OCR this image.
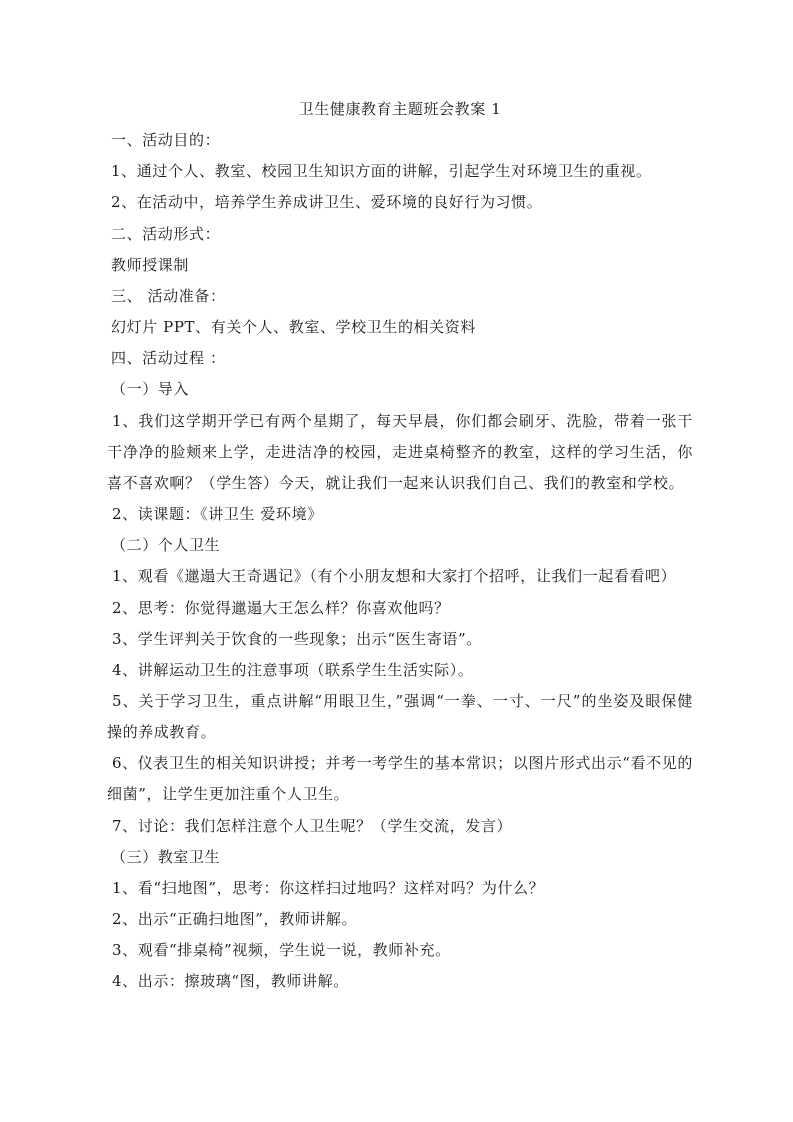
卫生健康教育主题班会教案 1

一、活动目的：

1、通过个人、教室、校园卫生知识方面的讲解，引起学生对环境卫生的重视。

2、在活动中，培养学生养成讲卫生、爱环境的良好行为习惯。

二、活动形式：

教师授课制

三、 活动准备：

幻灯片 PPT、有关个人、教室、学校卫生的相关资料

四、活动过程 ：

（一）导入

1、我们这学期开学已有两个星期了，每天早晨，你们都会刷牙、洗脸，带着一张干干净净的脸颊来上学，走进洁净的校园，走进桌椅整齐的教室，这样的学习生活，你喜不喜欢啊？（学生答）今天，就让我们一起来认识我们自己、我们的教室和学校。

2、读课题：《讲卫生 爱环境》

（二）个人卫生

1、观看《邋遢大王奇遇记》（有个小朋友想和大家打个招呼，让我们一起看看吧）

2、思考：你觉得邋遢大王怎么样？你喜欢他吗？

3、学生评判关于饮食的一些现象；出示“医生寄语”。

4、讲解运动卫生的注意事项（联系学生生活实际）。

5、关于学习卫生，重点讲解“用眼卫生，”强调“一拳、一寸、一尺”的坐姿及眼保健操的养成教育。

6、仪表卫生的相关知识讲授；并考一考学生的基本常识；以图片形式出示“看不见的细菌”，让学生更加注重个人卫生。

7、讨论：我们怎样注意个人卫生呢？（学生交流，发言）

（三）教室卫生

1、看“扫地图”，思考：你这样扫过地吗？这样对吗？为什么？

2、出示“正确扫地图”，教师讲解。

3、观看“排桌椅”视频，学生说一说，教师补充。

4、出示：擦玻璃“图，教师讲解。
